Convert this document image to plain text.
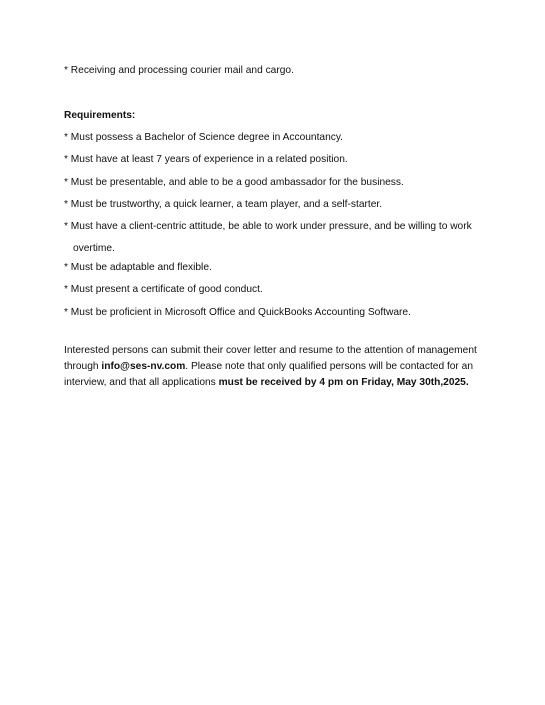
* Receiving and processing courier mail and cargo.

Requirements:

* Must possess a Bachelor of Science degree in Accountancy.
* Must have at least 7 years of experience in a related position.
* Must be presentable, and able to be a good ambassador for the business.
* Must be trustworthy, a quick learner, a team player, and a self-starter.
* Must have a client-centric attitude, be able to work under pressure, and be willing to work overtime.
* Must be adaptable and flexible.
* Must present a certificate of good conduct.
* Must be proficient in Microsoft Office and QuickBooks Accounting Software.

Interested persons can submit their cover letter and resume to the attention of management through info@ses-nv.com. Please note that only qualified persons will be contacted for an interview, and that all applications must be received by 4 pm on Friday, May 30th,2025.
